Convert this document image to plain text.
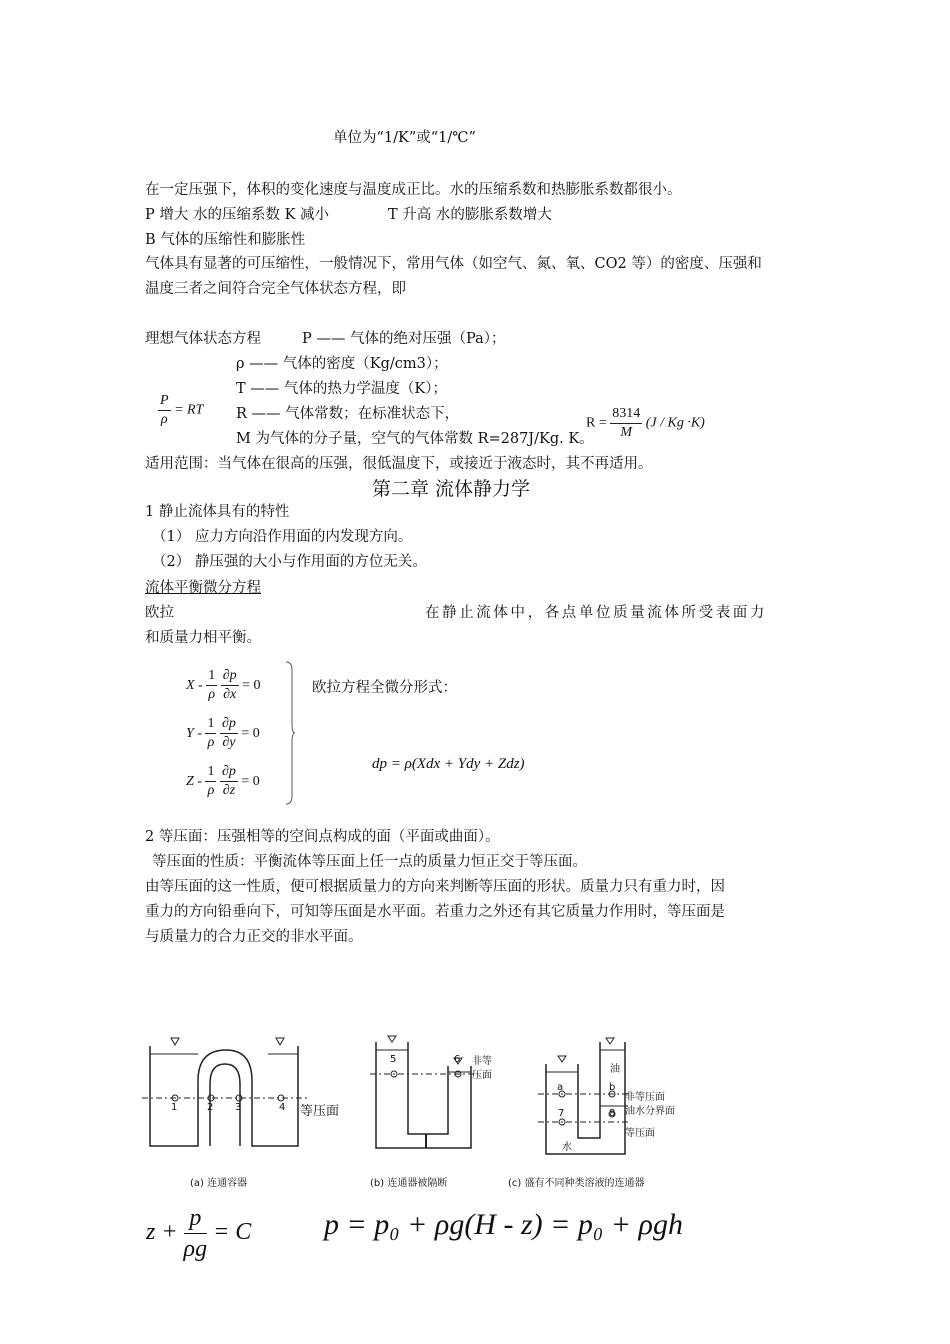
单位为“1/K”或“1/℃”
在一定压强下，体积的变化速度与温度成正比。水的压缩系数和热膨胀系数都很小。
P 增大 水的压缩系数 K 减小	T 升高 水的膨胀系数增大
B 气体的压缩性和膨胀性
气体具有显著的可压缩性，一般情况下，常用气体（如空气、氮、氧、CO2 等）的密度、压强和
温度三者之间符合完全气体状态方程，即
理想气体状态方程	P —— 气体的绝对压强（Pa）；
ρ —— 气体的密度（Kg/cm3）；
T —— 气体的热力学温度（K）；
R —— 气体常数；在标准状态下，
M 为气体的分子量，空气的气体常数 R=287J/Kg. K。
$\frac{P}{\rho}$ = RT
$R = \frac{8314}{M} (J / Kg \cdot K)$
适用范围：当气体在很高的压强，很低温度下，或接近于液态时，其不再适用。
第二章 流体静力学
1 静止流体具有的特性
（1） 应力方向沿作用面的内发现方向。
（2） 静压强的大小与作用面的方位无关。
流体平衡微分方程
欧拉	在静止流体中，各点单位质量流体所受表面力
和质量力相平衡。
X - $\frac{1}{\rho}$
$\frac{\partial p}{\partial x} = 0$
Y - $\frac{1}{\rho}$
$\frac{\partial p}{\partial y} = 0$
Z - $\frac{1}{\rho}$
$\frac{\partial p}{\partial z} = 0$
欧拉方程全微分形式：
dp = ρ(Xdx + Ydy + Zdz)
2 等压面：压强相等的空间点构成的面（平面或曲面）。
等压面的性质：平衡流体等压面上任一点的质量力恒正交于等压面。
由等压面的这一性质，便可根据质量力的方向来判断等压面的形状。质量力只有重力时，因
重力的方向铅垂向下，可知等压面是水平面。若重力之外还有其它质量力作用时，等压面是
与质量力的合力正交的非水平面。
1	2 3	4 等压面
5	6 非等
压面
油
a	b
非等压面
油水分界面
7	8
等压面
水
(a) 连通容器	(b) 连通器被隔断	(c) 盛有不同种类溶液的连通器
$z + \frac{p}{\rho g} = C$ p = p₀ + ρg(H - z) = p₀ + ρgh
